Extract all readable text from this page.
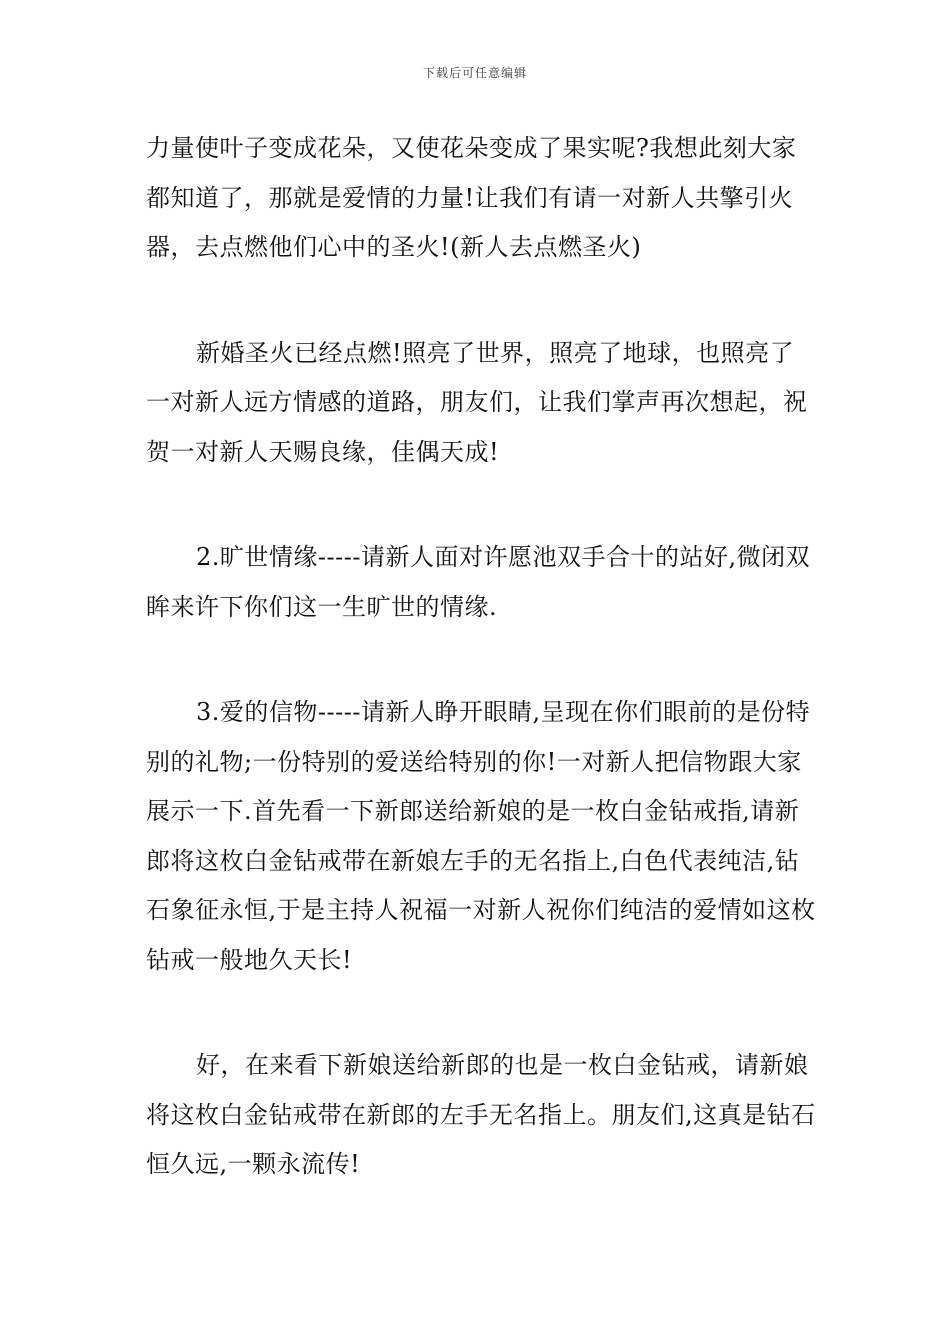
下载后可任意编辑

力量使叶子变成花朵，又使花朵变成了果实呢?我想此刻大家都知道了，那就是爱情的力量!让我们有请一对新人共擎引火器，去点燃他们心中的圣火!(新人去点燃圣火)

新婚圣火已经点燃!照亮了世界，照亮了地球，也照亮了一对新人远方情感的道路，朋友们，让我们掌声再次想起，祝贺一对新人天赐良缘，佳偶天成!

2.旷世情缘-----请新人面对许愿池双手合十的站好,微闭双眸来许下你们这一生旷世的情缘.

3.爱的信物-----请新人睁开眼睛,呈现在你们眼前的是份特别的礼物;一份特别的爱送给特别的你!一对新人把信物跟大家展示一下.首先看一下新郎送给新娘的是一枚白金钻戒指,请新郎将这枚白金钻戒带在新娘左手的无名指上,白色代表纯洁,钻石象征永恒,于是主持人祝福一对新人祝你们纯洁的爱情如这枚钻戒一般地久天长!

好，在来看下新娘送给新郎的也是一枚白金钻戒，请新娘将这枚白金钻戒带在新郎的左手无名指上。朋友们,这真是钻石恒久远,一颗永流传!
